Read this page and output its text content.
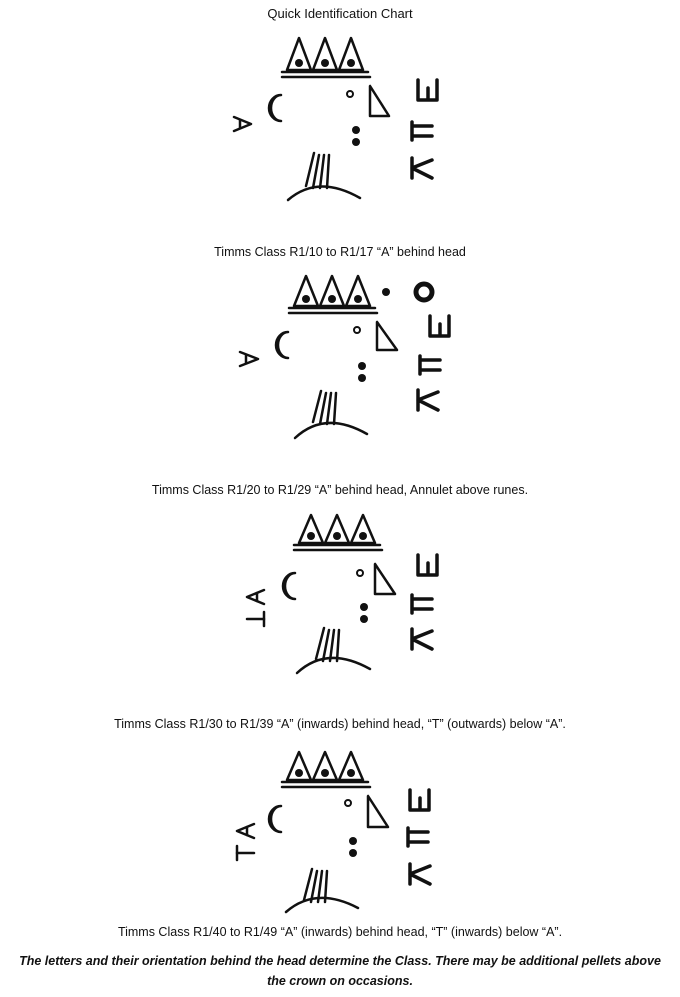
Quick Identification Chart
Timms Class R1/10 to R1/17 “A” behind head
Timms Class R1/20 to R1/29 “A” behind head, Annulet above runes.
Timms Class R1/30 to R1/39 “A” (inwards) behind head, “T” (outwards) below “A”.
Timms Class R1/40 to R1/49 “A” (inwards) behind head, “T” (inwards) below “A”.
The letters and their orientation behind the head determine the Class. There may be additional pellets above
the crown on occasions.
